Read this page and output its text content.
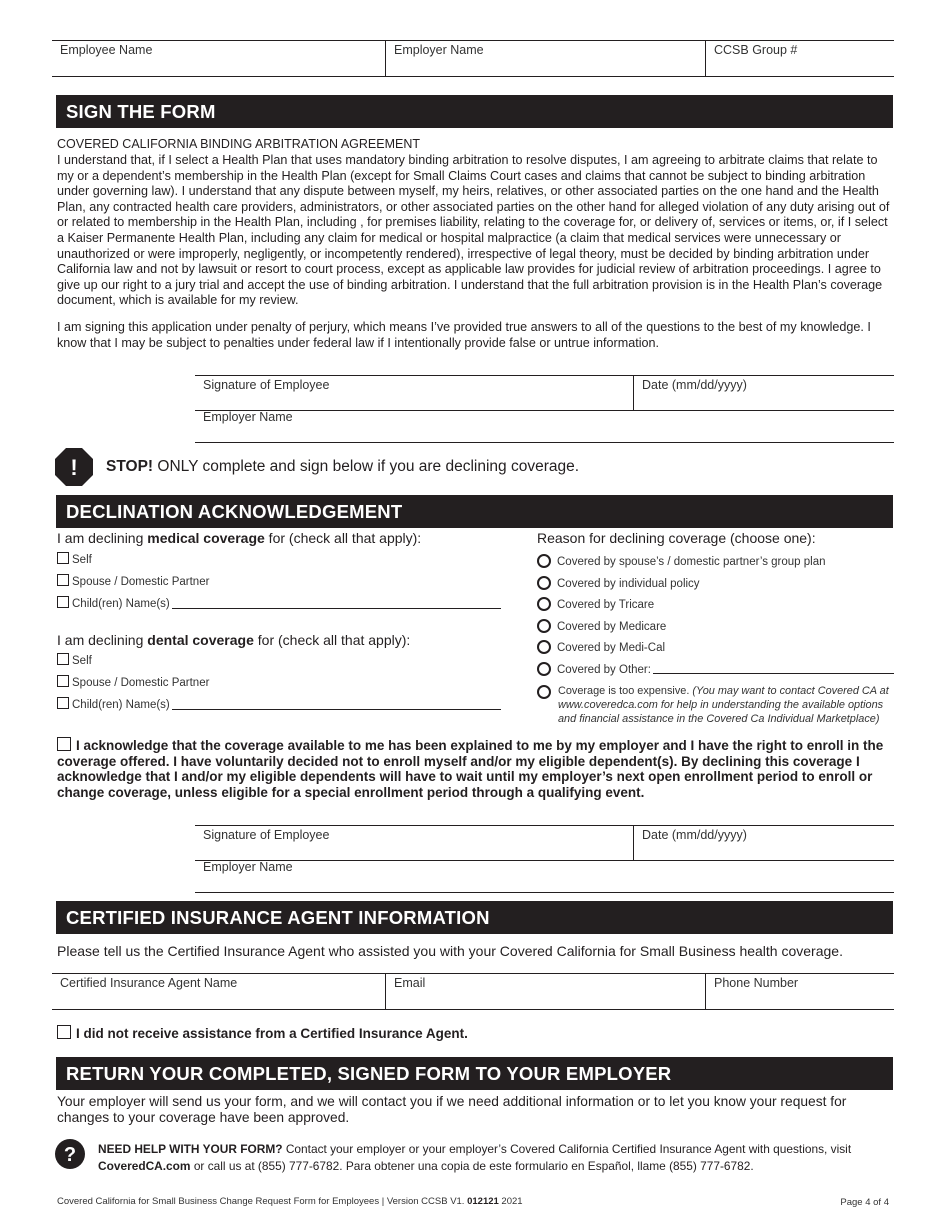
Employee Name	Employer Name	CCSB Group #
SIGN THE FORM
COVERED CALIFORNIA BINDING ARBITRATION AGREEMENT
I understand that, if I select a Health Plan that uses mandatory binding arbitration to resolve disputes, I am agreeing to arbitrate claims that relate to my or a dependent’s membership in the Health Plan (except for Small Claims Court cases and claims that cannot be subject to binding arbitration under governing law). I understand that any dispute between myself, my heirs, relatives, or other associated parties on the one hand and the Health Plan, any contracted health care providers, administrators, or other associated parties on the other hand for alleged violation of any duty arising out of or related to membership in the Health Plan, including , for premises liability, relating to the coverage for, or delivery of, services or items, or, if I select a Kaiser Permanente Health Plan, including any claim for medical or hospital malpractice (a claim that medical services were unnecessary or unauthorized or were improperly, negligently, or incompetently rendered), irrespective of legal theory, must be decided by binding arbitration under California law and not by lawsuit or resort to court process, except as applicable law provides for judicial review of arbitration proceedings. I agree to give up our right to a jury trial and accept the use of binding arbitration. I understand that the full arbitration provision is in the Health Plan’s coverage document, which is available for my review.
I am signing this application under penalty of perjury, which means I’ve provided true answers to all of the questions to the best of my knowledge. I know that I may be subject to penalties under federal law if I intentionally provide false or untrue information.
Signature of Employee	Date (mm/dd/yyyy)
Employer Name
! STOP! ONLY complete and sign below if you are declining coverage.
DECLINATION ACKNOWLEDGEMENT
I am declining medical coverage for (check all that apply):
Self
Spouse / Domestic Partner
Child(ren) Name(s)
I am declining dental coverage for (check all that apply):
Self
Spouse / Domestic Partner
Child(ren) Name(s)
Reason for declining coverage (choose one):
Covered by spouse’s / domestic partner’s group plan
Covered by individual policy
Covered by Tricare
Covered by Medicare
Covered by Medi-Cal
Covered by Other:
Coverage is too expensive. (You may want to contact Covered CA at www.coveredca.com for help in understanding the available options and financial assistance in the Covered Ca Individual Marketplace)
I acknowledge that the coverage available to me has been explained to me by my employer and I have the right to enroll in the coverage offered. I have voluntarily decided not to enroll myself and/or my eligible dependent(s). By declining this coverage I acknowledge that I and/or my eligible dependents will have to wait until my employer’s next open enrollment period to enroll or change coverage, unless eligible for a special enrollment period through a qualifying event.
Signature of Employee	Date (mm/dd/yyyy)
Employer Name
CERTIFIED INSURANCE AGENT INFORMATION
Please tell us the Certified Insurance Agent who assisted you with your Covered California for Small Business health coverage.
Certified Insurance Agent Name	Email	Phone Number
I did not receive assistance from a Certified Insurance Agent.
RETURN YOUR COMPLETED, SIGNED FORM TO YOUR EMPLOYER
Your employer will send us your form, and we will contact you if we need additional information or to let you know your request for changes to your coverage have been approved.
? NEED HELP WITH YOUR FORM? Contact your employer or your employer’s Covered California Certified Insurance Agent with questions, visit
CoveredCA.com or call us at (855) 777-6782. Para obtener una copia de este formulario en Español, llame (855) 777-6782.
Covered California for Small Business Change Request Form for Employees | Version CCSB V1. 012121 2021	Page 4 of 4
